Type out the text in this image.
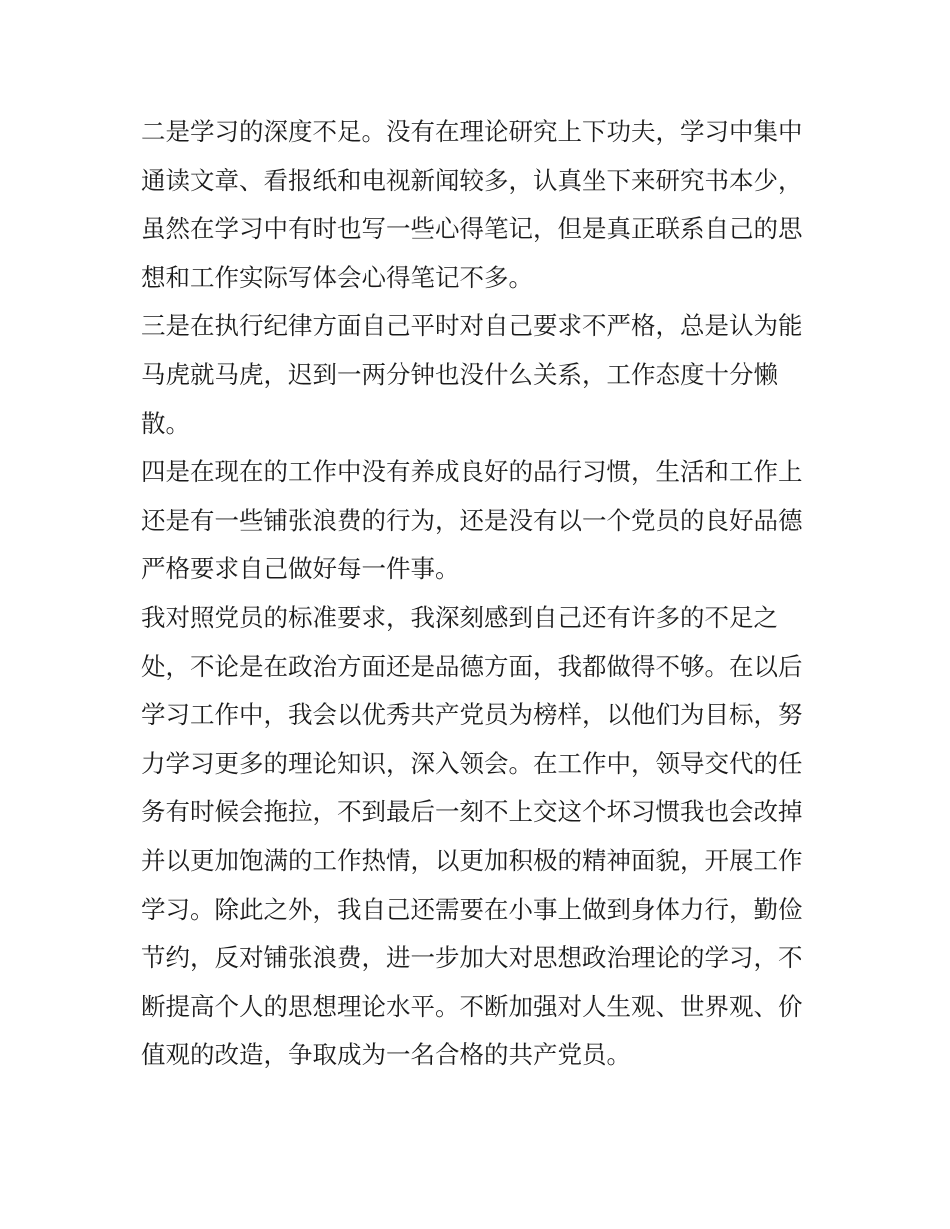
二是学习的深度不足。没有在理论研究上下功夫，学习中集中
通读文章、看报纸和电视新闻较多，认真坐下来研究书本少，
虽然在学习中有时也写一些心得笔记，但是真正联系自己的思
想和工作实际写体会心得笔记不多。
三是在执行纪律方面自己平时对自己要求不严格，总是认为能
马虎就马虎，迟到一两分钟也没什么关系，工作态度十分懒
散。
四是在现在的工作中没有养成良好的品行习惯，生活和工作上
还是有一些铺张浪费的行为，还是没有以一个党员的良好品德
严格要求自己做好每一件事。
我对照党员的标准要求，我深刻感到自己还有许多的不足之
处，不论是在政治方面还是品德方面，我都做得不够。在以后
学习工作中，我会以优秀共产党员为榜样，以他们为目标，努
力学习更多的理论知识，深入领会。在工作中，领导交代的任
务有时候会拖拉，不到最后一刻不上交这个坏习惯我也会改掉
并以更加饱满的工作热情，以更加积极的精神面貌，开展工作
学习。除此之外，我自己还需要在小事上做到身体力行，勤俭
节约，反对铺张浪费，进一步加大对思想政治理论的学习，不
断提高个人的思想理论水平。不断加强对人生观、世界观、价
值观的改造，争取成为一名合格的共产党员。
